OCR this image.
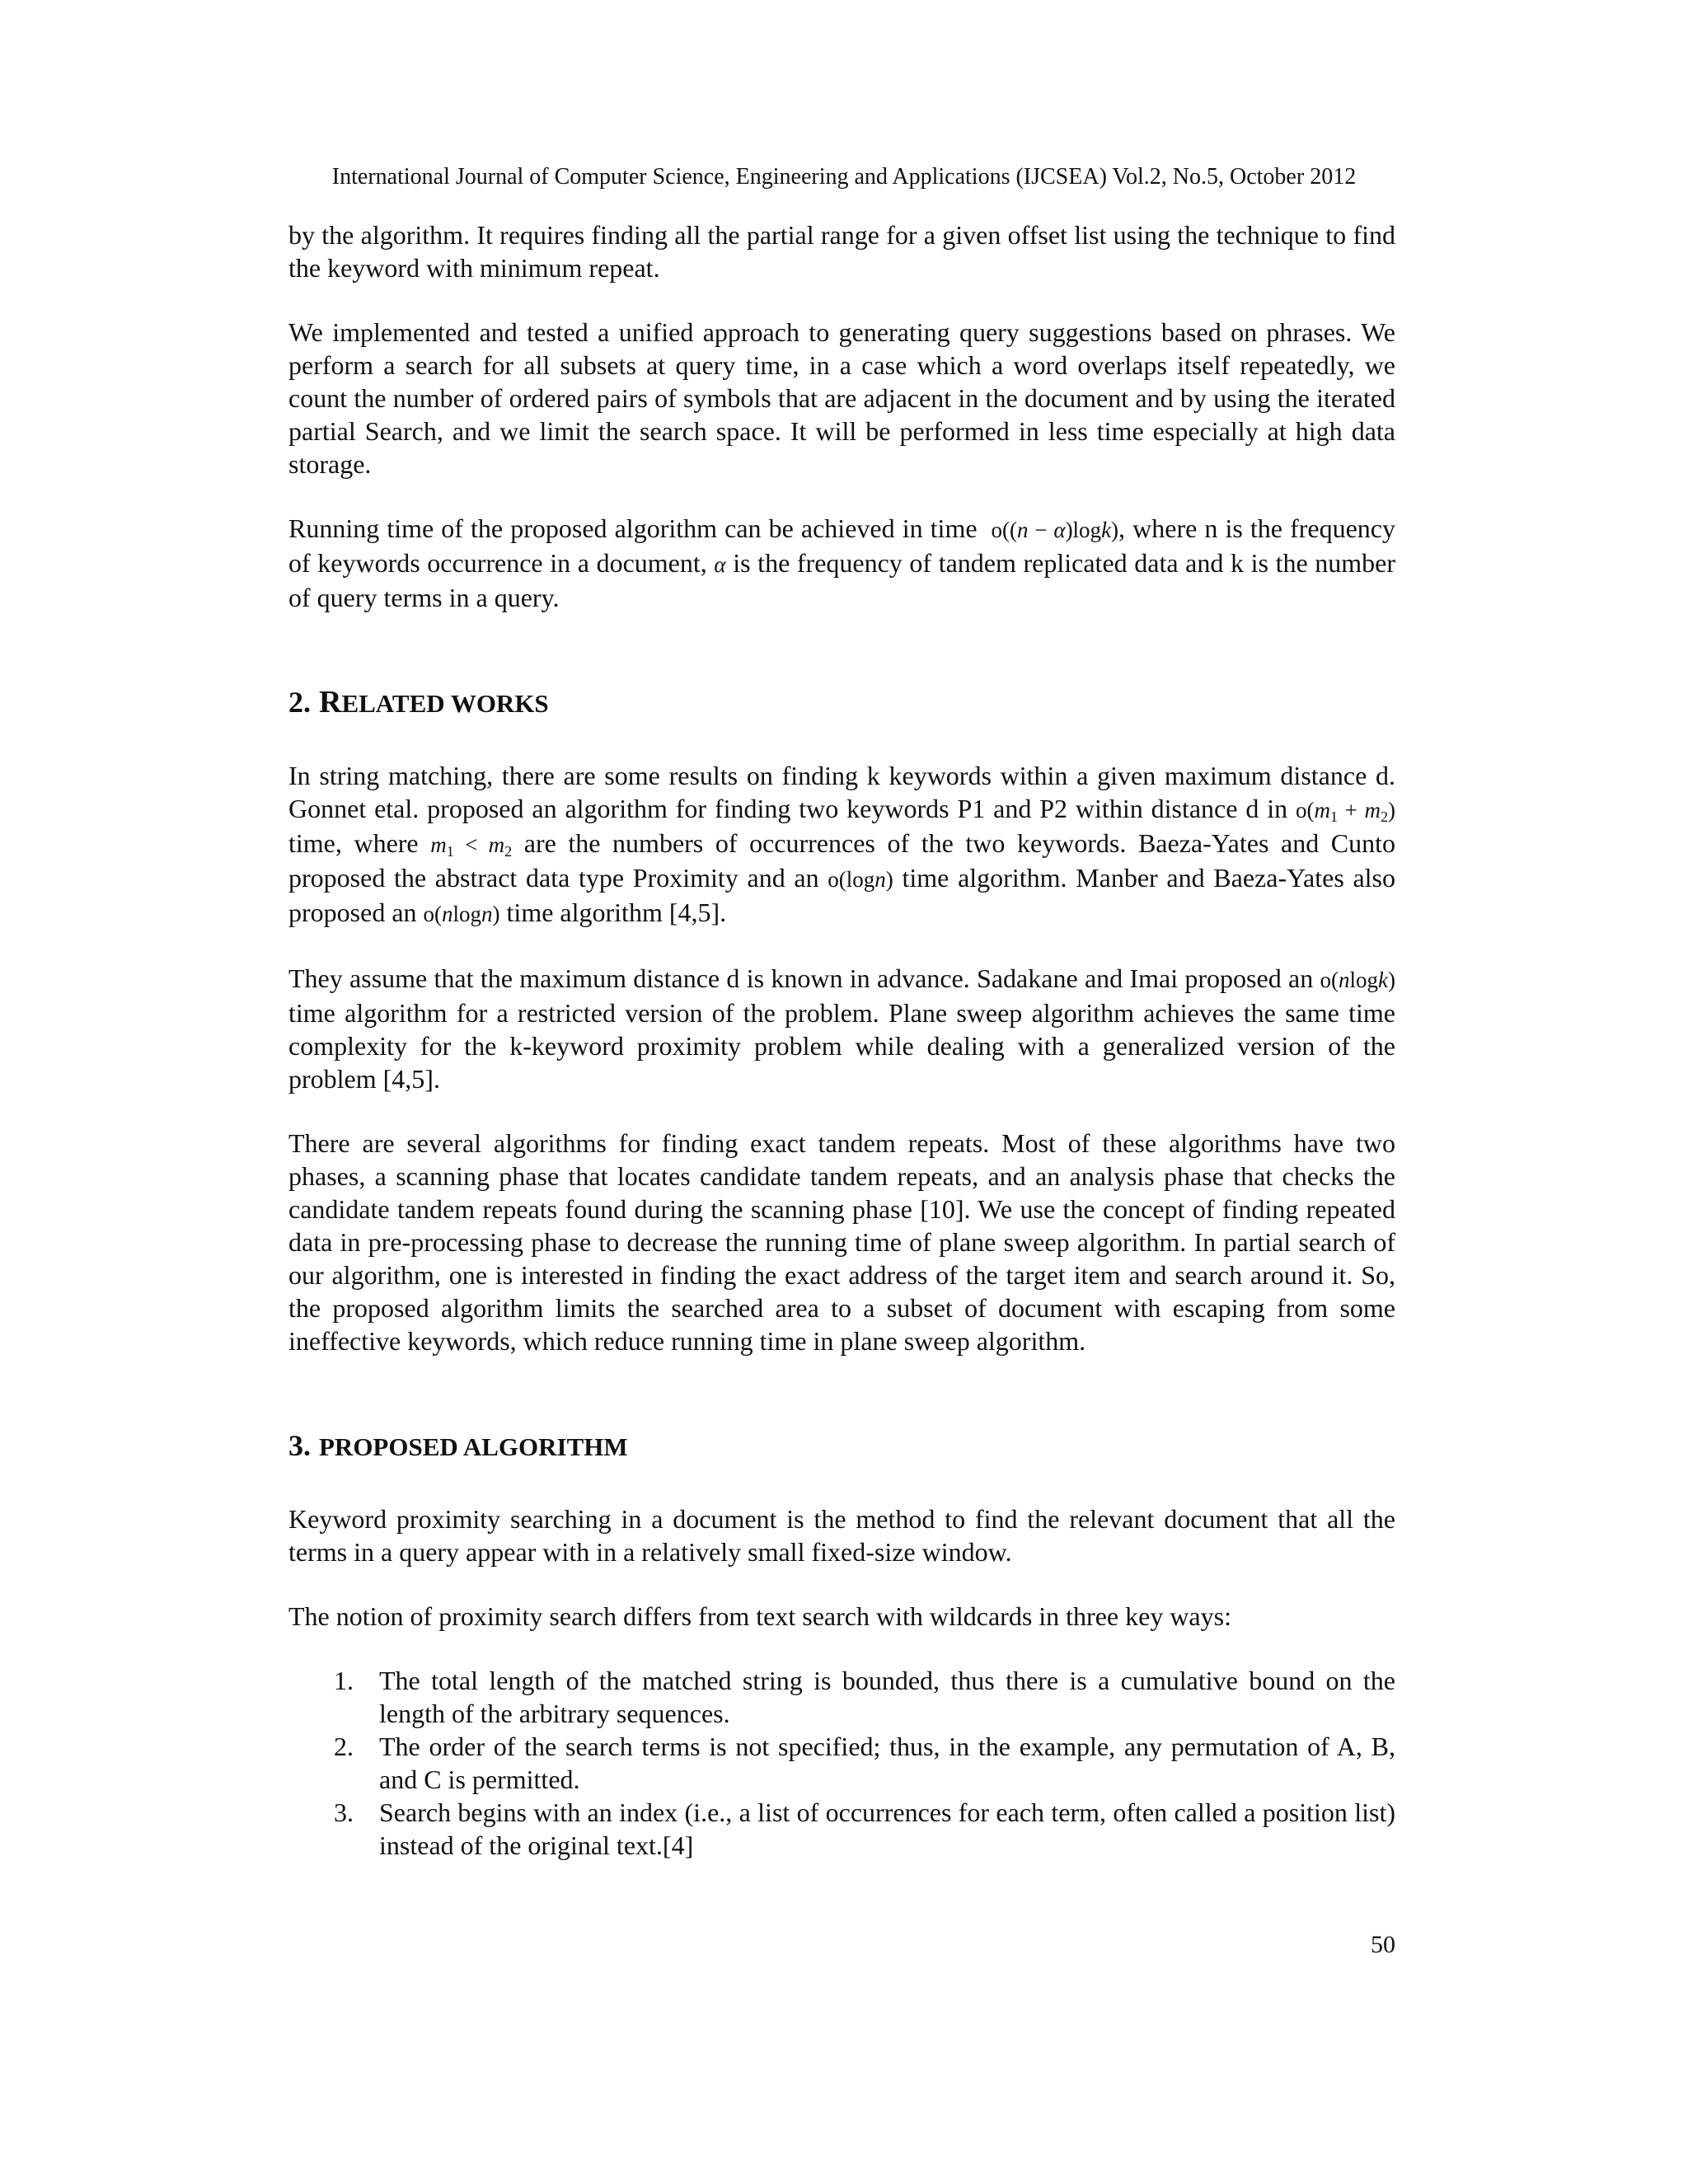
International Journal of Computer Science, Engineering and Applications (IJCSEA) Vol.2, No.5, October 2012

by the algorithm. It requires finding all the partial range for a given offset list using the technique to find the keyword with minimum repeat.

We implemented and tested a unified approach to generating query suggestions based on phrases. We perform a search for all subsets at query time, in a case which a word overlaps itself repeatedly, we count the number of ordered pairs of symbols that are adjacent in the document and by using the iterated partial Search, and we limit the search space. It will be performed in less time especially at high data storage.

Running time of the proposed algorithm can be achieved in time  o((n − α)logk), where n is the frequency of keywords occurrence in a document, α is the frequency of tandem replicated data and k is the number of query terms in a query.

2. RELATED WORKS

In string matching, there are some results on finding k keywords within a given maximum distance d. Gonnet etal. proposed an algorithm for finding two keywords P1 and P2 within distance d in $o(m_1 + m_2)$ time, where $m_1 < m_2$ are the numbers of occurrences of the two keywords. Baeza-Yates and Cunto proposed the abstract data type Proximity and an o(logn) time algorithm. Manber and Baeza-Yates also proposed an o(nlogn) time algorithm [4,5].

They assume that the maximum distance d is known in advance. Sadakane and Imai proposed an o(nlogk) time algorithm for a restricted version of the problem. Plane sweep algorithm achieves the same time complexity for the k-keyword proximity problem while dealing with a generalized version of the problem [4,5].

There are several algorithms for finding exact tandem repeats. Most of these algorithms have two phases, a scanning phase that locates candidate tandem repeats, and an analysis phase that checks the candidate tandem repeats found during the scanning phase [10]. We use the concept of finding repeated data in pre-processing phase to decrease the running time of plane sweep algorithm. In partial search of our algorithm, one is interested in finding the exact address of the target item and search around it. So, the proposed algorithm limits the searched area to a subset of document with escaping from some ineffective keywords, which reduce running time in plane sweep algorithm.

3. PROPOSED ALGORITHM

Keyword proximity searching in a document is the method to find the relevant document that all the terms in a query appear with in a relatively small fixed-size window.

The notion of proximity search differs from text search with wildcards in three key ways:

1. The total length of the matched string is bounded, thus there is a cumulative bound on the length of the arbitrary sequences.
2. The order of the search terms is not specified; thus, in the example, any permutation of A, B, and C is permitted.
3. Search begins with an index (i.e., a list of occurrences for each term, often called a position list) instead of the original text.[4]
50
